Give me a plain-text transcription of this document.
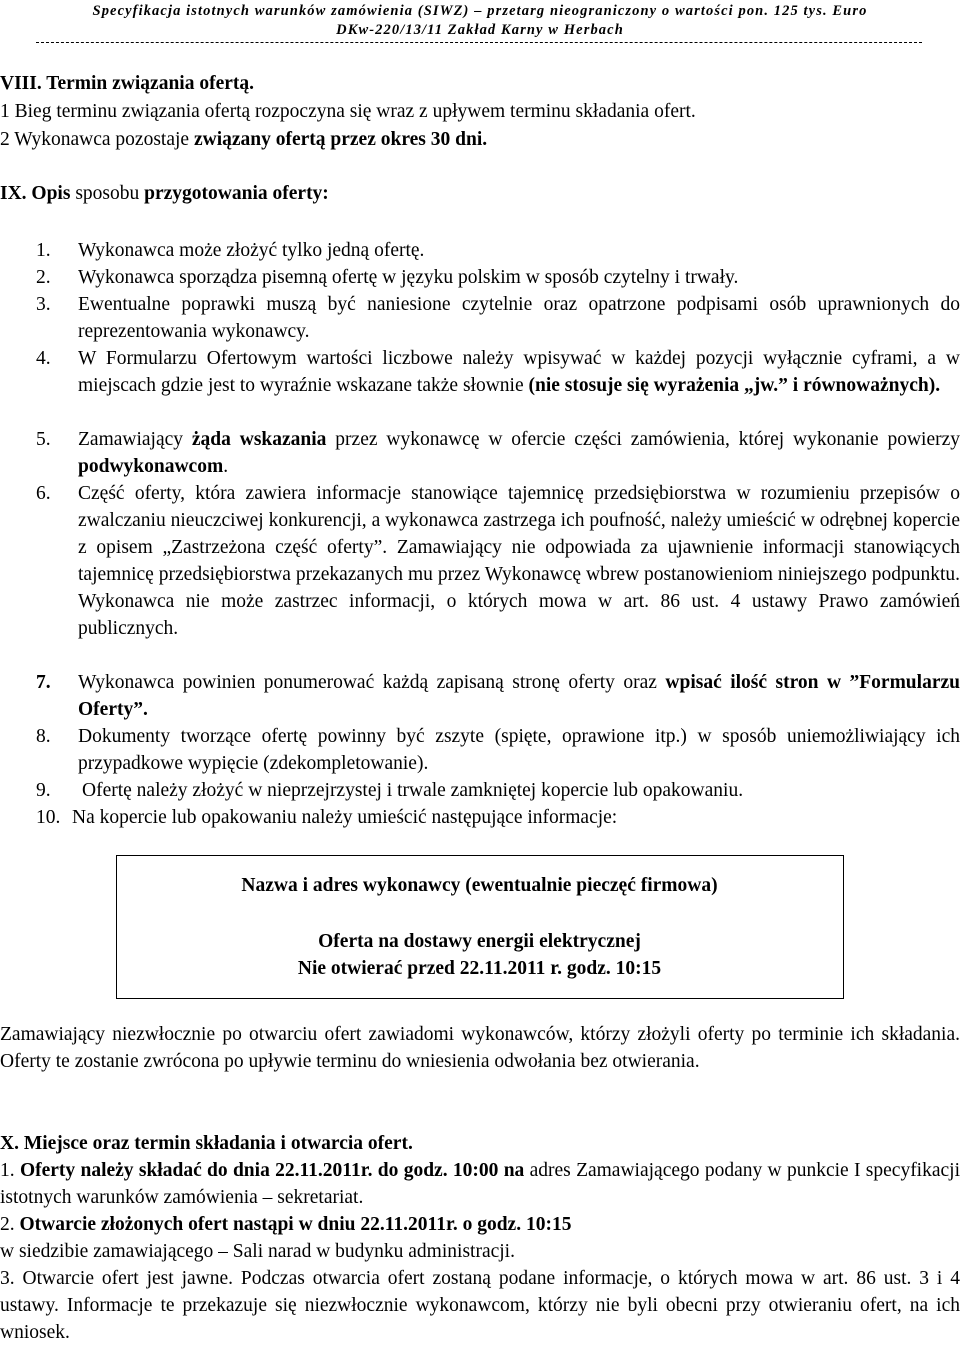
Specyfikacja istotnych warunków zamówienia (SIWZ) – przetarg nieograniczony o wartości pon. 125 tys. Euro
DKw-220/13/11 Zakład Karny w Herbach
VIII. Termin związania ofertą.
1 Bieg terminu związania ofertą rozpoczyna się wraz z upływem terminu składania ofert.
2 Wykonawca pozostaje związany ofertą przez okres 30 dni.
IX. Opis sposobu przygotowania oferty:
1. Wykonawca może złożyć tylko jedną ofertę.
2. Wykonawca sporządza pisemną ofertę w języku polskim w sposób czytelny i trwały.
3. Ewentualne poprawki muszą być naniesione czytelnie oraz opatrzone podpisami osób uprawnionych do reprezentowania wykonawcy.
4. W Formularzu Ofertowym wartości liczbowe należy wpisywać w każdej pozycji wyłącznie cyframi, a w miejscach gdzie jest to wyraźnie wskazane także słownie (nie stosuje się wyrażenia „jw.” i równoważnych).
5. Zamawiający żąda wskazania przez wykonawcę w ofercie części zamówienia, której wykonanie powierzy podwykonawcom.
6. Część oferty, która zawiera informacje stanowiące tajemnicę przedsiębiorstwa w rozumieniu przepisów o zwalczaniu nieuczciwej konkurencji, a wykonawca zastrzega ich poufność, należy umieścić w odrębnej kopercie z opisem „Zastrzeżona część oferty”. Zamawiający nie odpowiada za ujawnienie informacji stanowiących tajemnicę przedsiębiorstwa przekazanych mu przez Wykonawcę wbrew postanowieniom niniejszego podpunktu. Wykonawca nie może zastrzec informacji, o których mowa w art. 86 ust. 4 ustawy Prawo zamówień publicznych.
7. Wykonawca powinien ponumerować każdą zapisaną stronę oferty oraz wpisać ilość stron w ”Formularzu Oferty”.
8. Dokumenty tworzące ofertę powinny być zszyte (spięte, oprawione itp.) w sposób uniemożliwiający ich przypadkowe wypięcie (zdekompletowanie).
9. Ofertę należy złożyć w nieprzejrzystej i trwale zamkniętej kopercie lub opakowaniu.
10. Na kopercie lub opakowaniu należy umieścić następujące informacje:
Nazwa i adres wykonawcy (ewentualnie pieczęć firmowa)
Oferta na dostawy energii elektrycznej
Nie otwierać przed 22.11.2011 r. godz. 10:15
Zamawiający niezwłocznie po otwarciu ofert zawiadomi wykonawców, którzy złożyli oferty po terminie ich składania. Oferty te zostanie zwrócona po upływie terminu do wniesienia odwołania bez otwierania.
X. Miejsce oraz termin składania i otwarcia ofert.
1. Oferty należy składać do dnia 22.11.2011r. do godz. 10:00 na adres Zamawiającego podany w punkcie I specyfikacji istotnych warunków zamówienia – sekretariat.
2. Otwarcie złożonych ofert nastąpi w dniu 22.11.2011r. o godz. 10:15
w siedzibie zamawiającego – Sali narad w budynku administracji.
3. Otwarcie ofert jest jawne. Podczas otwarcia ofert zostaną podane informacje, o których mowa w art. 86 ust. 3 i 4 ustawy. Informacje te przekazuje się niezwłocznie wykonawcom, którzy nie byli obecni przy otwieraniu ofert, na ich wniosek.
